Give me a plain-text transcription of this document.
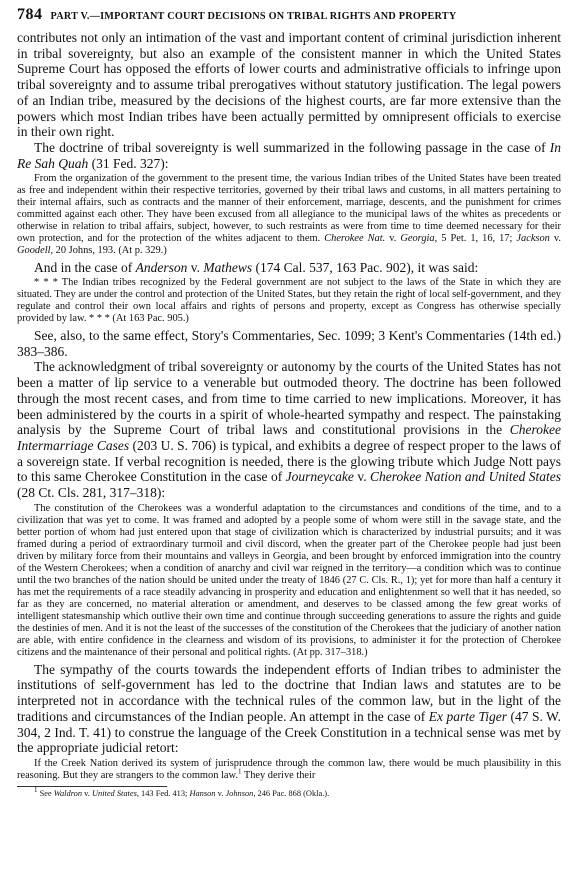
784 PART V.—IMPORTANT COURT DECISIONS ON TRIBAL RIGHTS AND PROPERTY

contributes not only an intimation of the vast and important content of criminal jurisdiction inherent in tribal sovereignty, but also an example of the consistent manner in which the United States Supreme Court has opposed the efforts of lower courts and administrative officials to infringe upon tribal sovereignty and to assume tribal prerogatives without statutory justification. The legal powers of an Indian tribe, measured by the decisions of the highest courts, are far more extensive than the powers which most Indian tribes have been actually permitted by omnipresent officials to exercise in their own right.

The doctrine of tribal sovereignty is well summarized in the following passage in the case of In Re Sah Quah (31 Fed. 327):

From the organization of the government to the present time, the various Indian tribes of the United States have been treated as free and independent within their respective territories, governed by their tribal laws and customs, in all matters pertaining to their internal affairs, such as contracts and the manner of their enforcement, marriage, descents, and the punishment for crimes committed against each other. They have been excused from all allegiance to the municipal laws of the whites as precedents or otherwise in relation to tribal affairs, subject, however, to such restraints as were from time to time deemed necessary for their own protection, and for the protection of the whites adjacent to them. Cherokee Nat. v. Georgia, 5 Pet. 1, 16, 17; Jackson v. Goodell, 20 Johns, 193. (At p. 329.)

And in the case of Anderson v. Mathews (174 Cal. 537, 163 Pac. 902), it was said:

* * * The Indian tribes recognized by the Federal government are not subject to the laws of the State in which they are situated. They are under the control and protection of the United States, but they retain the right of local self-government, and they regulate and control their own local affairs and rights of persons and property, except as Congress has otherwise specially provided by law. * * * (At 163 Pac. 905.)

See, also, to the same effect, Story's Commentaries, Sec. 1099; 3 Kent's Commentaries (14th ed.) 383–386.

The acknowledgment of tribal sovereignty or autonomy by the courts of the United States has not been a matter of lip service to a venerable but outmoded theory. The doctrine has been followed through the most recent cases, and from time to time carried to new implications. Moreover, it has been administered by the courts in a spirit of whole-hearted sympathy and respect. The painstaking analysis by the Supreme Court of tribal laws and constitutional provisions in the Cherokee Intermarriage Cases (203 U. S. 706) is typical, and exhibits a degree of respect proper to the laws of a sovereign state. If verbal recognition is needed, there is the glowing tribute which Judge Nott pays to this same Cherokee Constitution in the case of Journeycake v. Cherokee Nation and United States (28 Ct. Cls. 281, 317–318):

The constitution of the Cherokees was a wonderful adaptation to the circumstances and conditions of the time, and to a civilization that was yet to come. It was framed and adopted by a people some of whom were still in the savage state, and the better portion of whom had just entered upon that stage of civilization which is characterized by industrial pursuits; and it was framed during a period of extraordinary turmoil and civil discord, when the greater part of the Cherokee people had just been driven by military force from their mountains and valleys in Georgia, and been brought by enforced immigration into the country of the Western Cherokees; when a condition of anarchy and civil war reigned in the territory—a condition which was to continue until the two branches of the nation should be united under the treaty of 1846 (27 C. Cls. R., 1); yet for more than half a century it has met the requirements of a race steadily advancing in prosperity and education and enlightenment so well that it has needed, so far as they are concerned, no material alteration or amendment, and deserves to be classed among the few great works of intelligent statesmanship which outlive their own time and continue through succeeding generations to assure the rights and guide the destinies of men. And it is not the least of the successes of the constitution of the Cherokees that the judiciary of another nation are able, with entire confidence in the clearness and wisdom of its provisions, to administer it for the protection of Cherokee citizens and the maintenance of their personal and political rights. (At pp. 317–318.)

The sympathy of the courts towards the independent efforts of Indian tribes to administer the institutions of self-government has led to the doctrine that Indian laws and statutes are to be interpreted not in accordance with the technical rules of the common law, but in the light of the traditions and circumstances of the Indian people. An attempt in the case of Ex parte Tiger (47 S. W. 304, 2 Ind. T. 41) to construe the language of the Creek Constitution in a technical sense was met by the appropriate judicial retort:

If the Creek Nation derived its system of jurisprudence through the common law, there would be much plausibility in this reasoning. But they are strangers to the common law.$^1$ They derive their

$^1$ See Waldron v. United States, 143 Fed. 413; Hanson v. Johnson, 246 Pac. 868 (Okla.).
